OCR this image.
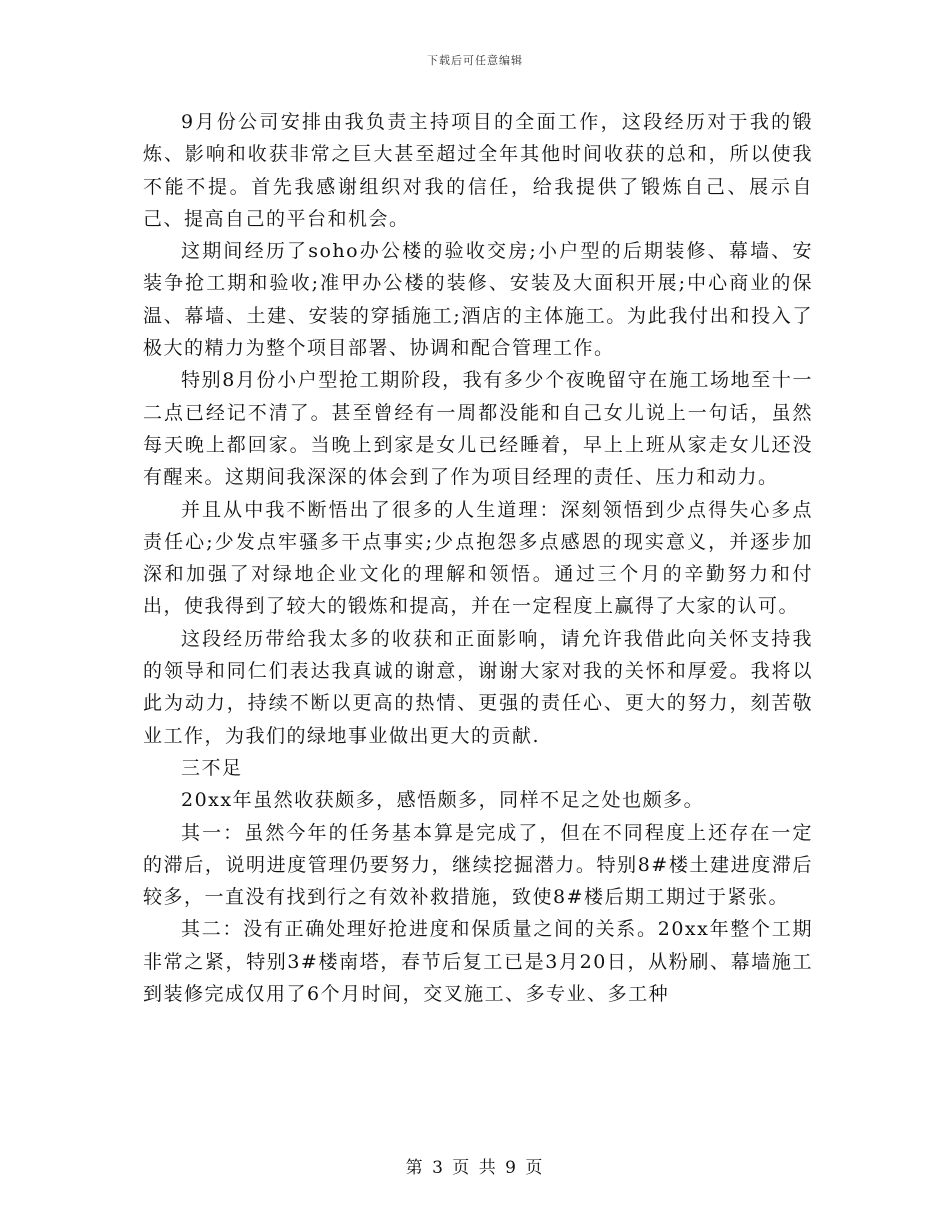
下载后可任意编辑

9月份公司安排由我负责主持项目的全面工作，这段经历对于我的锻炼、影响和收获非常之巨大甚至超过全年其他时间收获的总和，所以使我不能不提。首先我感谢组织对我的信任，给我提供了锻炼自己、展示自己、提高自己的平台和机会。

这期间经历了soho办公楼的验收交房;小户型的后期装修、幕墙、安装争抢工期和验收;准甲办公楼的装修、安装及大面积开展;中心商业的保温、幕墙、土建、安装的穿插施工;酒店的主体施工。为此我付出和投入了极大的精力为整个项目部署、协调和配合管理工作。

特别8月份小户型抢工期阶段，我有多少个夜晚留守在施工场地至十一二点已经记不清了。甚至曾经有一周都没能和自己女儿说上一句话，虽然每天晚上都回家。当晚上到家是女儿已经睡着，早上上班从家走女儿还没有醒来。这期间我深深的体会到了作为项目经理的责任、压力和动力。

并且从中我不断悟出了很多的人生道理：深刻领悟到少点得失心多点责任心;少发点牢骚多干点事实;少点抱怨多点感恩的现实意义，并逐步加深和加强了对绿地企业文化的理解和领悟。通过三个月的辛勤努力和付出，使我得到了较大的锻炼和提高，并在一定程度上赢得了大家的认可。

这段经历带给我太多的收获和正面影响，请允许我借此向关怀支持我的领导和同仁们表达我真诚的谢意，谢谢大家对我的关怀和厚爱。我将以此为动力，持续不断以更高的热情、更强的责任心、更大的努力，刻苦敬业工作，为我们的绿地事业做出更大的贡献.

三不足

20xx年虽然收获颇多，感悟颇多，同样不足之处也颇多。

其一：虽然今年的任务基本算是完成了，但在不同程度上还存在一定的滞后，说明进度管理仍要努力，继续挖掘潜力。特别8#楼土建进度滞后较多，一直没有找到行之有效补救措施，致使8#楼后期工期过于紧张。

其二：没有正确处理好抢进度和保质量之间的关系。20xx年整个工期非常之紧，特别3#楼南塔，春节后复工已是3月20日，从粉刷、幕墙施工到装修完成仅用了6个月时间，交叉施工、多专业、多工种

第 3 页 共 9 页
